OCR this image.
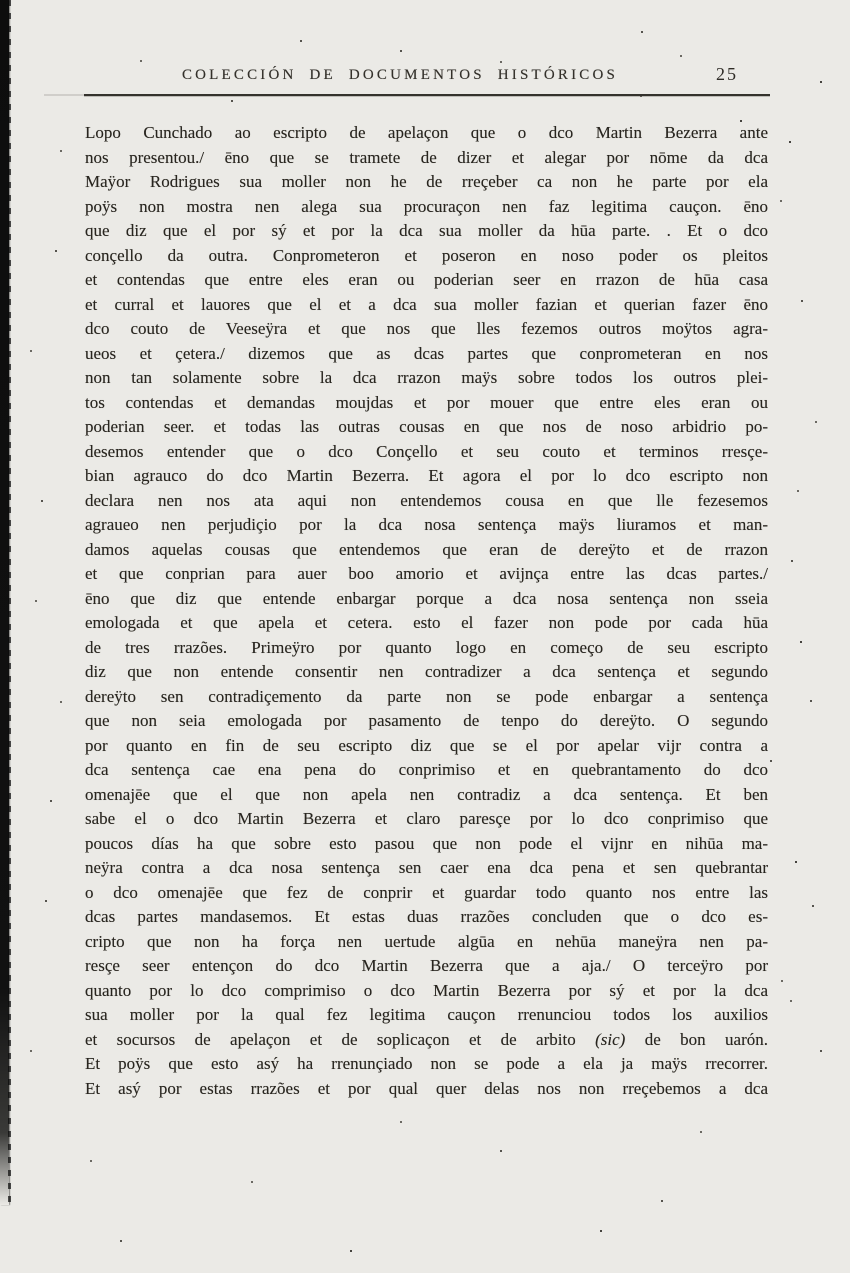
COLECCIÓN DE DOCUMENTOS HISTÓRICOS	25
Lopo Cunchado ao escripto de apelaçon que o dco Martin Bezerra ante
nos presentou./ ēno que se tramete de dizer et alegar por nōme da dca
Maÿor Rodrigues sua moller non he de rreçeber ca non he parte por ela
poÿs non mostra nen alega sua procuraçon nen faz legitima cauçon. ēno
que diz que el por sý et por la dca sua moller da hūa parte. . Et o dco
conçello da outra. Conprometeron et poseron en noso poder os pleitos
et contendas que entre eles eran ou poderian seer en rrazon de hūa casa
et curral et lauores que el et a dca sua moller fazian et querian fazer ēno
dco couto de Veeseÿra et que nos que lles fezemos outros moÿtos agra-
ueos et çetera./ dizemos que as dcas partes que conprometeran en nos
non tan solamente sobre la dca rrazon maÿs sobre todos los outros plei-
tos contendas et demandas moujdas et por mouer que entre eles eran ou
poderian seer. et todas las outras cousas en que nos de noso arbidrio po-
desemos entender que o dco Conçello et seu couto et terminos rresçe-
bian agrauco do dco Martin Bezerra. Et agora el por lo dco escripto non
declara nen nos ata aqui non entendemos cousa en que lle fezesemos
agraueo nen perjudiçio por la dca nosa sentença maÿs liuramos et man-
damos aquelas cousas que entendemos que eran de dereÿto et de rrazon
et que conprian para auer boo amorio et avijnça entre las dcas partes./
ēno que diz que entende enbargar porque a dca nosa sentença non sseia
emologada et que apela et cetera. esto el fazer non pode por cada hūa
de tres rrazões. Primeÿro por quanto logo en começo de seu escripto
diz que non entende consentir nen contradizer a dca sentença et segundo
dereÿto sen contradiçemento da parte non se pode enbargar a sentença
que non seia emologada por pasamento de tenpo do dereÿto. O segundo
por quanto en fin de seu escripto diz que se el por apelar vijr contra a
dca sentença cae ena pena do conprimiso et en quebrantamento do dco
omenajēe que el que non apela nen contradiz a dca sentença. Et ben
sabe el o dco Martin Bezerra et claro paresçe por lo dco conprimiso que
poucos días ha que sobre esto pasou que non pode el vijnr en nihūa ma-
neÿra contra a dca nosa sentença sen caer ena dca pena et sen quebrantar
o dco omenajēe que fez de conprir et guardar todo quanto nos entre las
dcas partes mandasemos. Et estas duas rrazões concluden que o dco es-
cripto que non ha força nen uertude algūa en nehūa maneÿra nen pa-
resçe seer entençon do dco Martin Bezerra que a aja./ O terceÿro por
quanto por lo dco comprimiso o dco Martin Bezerra por sý et por la dca
sua moller por la qual fez legitima cauçon rrenunciou todos los auxilios
et socursos de apelaçon et de soplicaçon et de arbito (sic) de bon uarón.
Et poÿs que esto asý ha rrenunçiado non se pode a ela ja maÿs rrecorrer.
Et asý por estas rrazões et por qual quer delas nos non rreçebemos a dca
